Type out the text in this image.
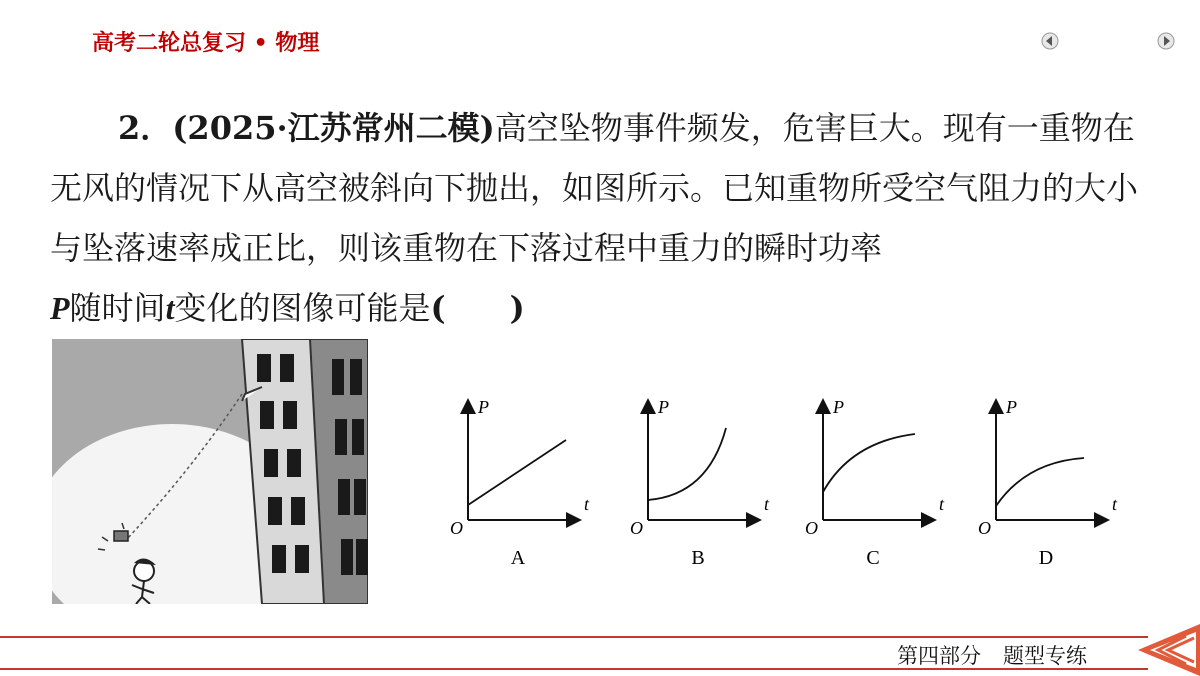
高考二轮总复习 • 物理
2．(2025·江苏常州二模)高空坠物事件频发，危害巨大。现有一重物在无风的情况下从高空被斜向下抛出，如图所示。已知重物所受空气阻力的大小与坠落速率成正比，则该重物在下落过程中重力的瞬时功率
P随时间t变化的图像可能是(　　)
P
t
O
A
P
t
O
B
P
t
O
C
P
t
O
D
第四部分 题型专练
